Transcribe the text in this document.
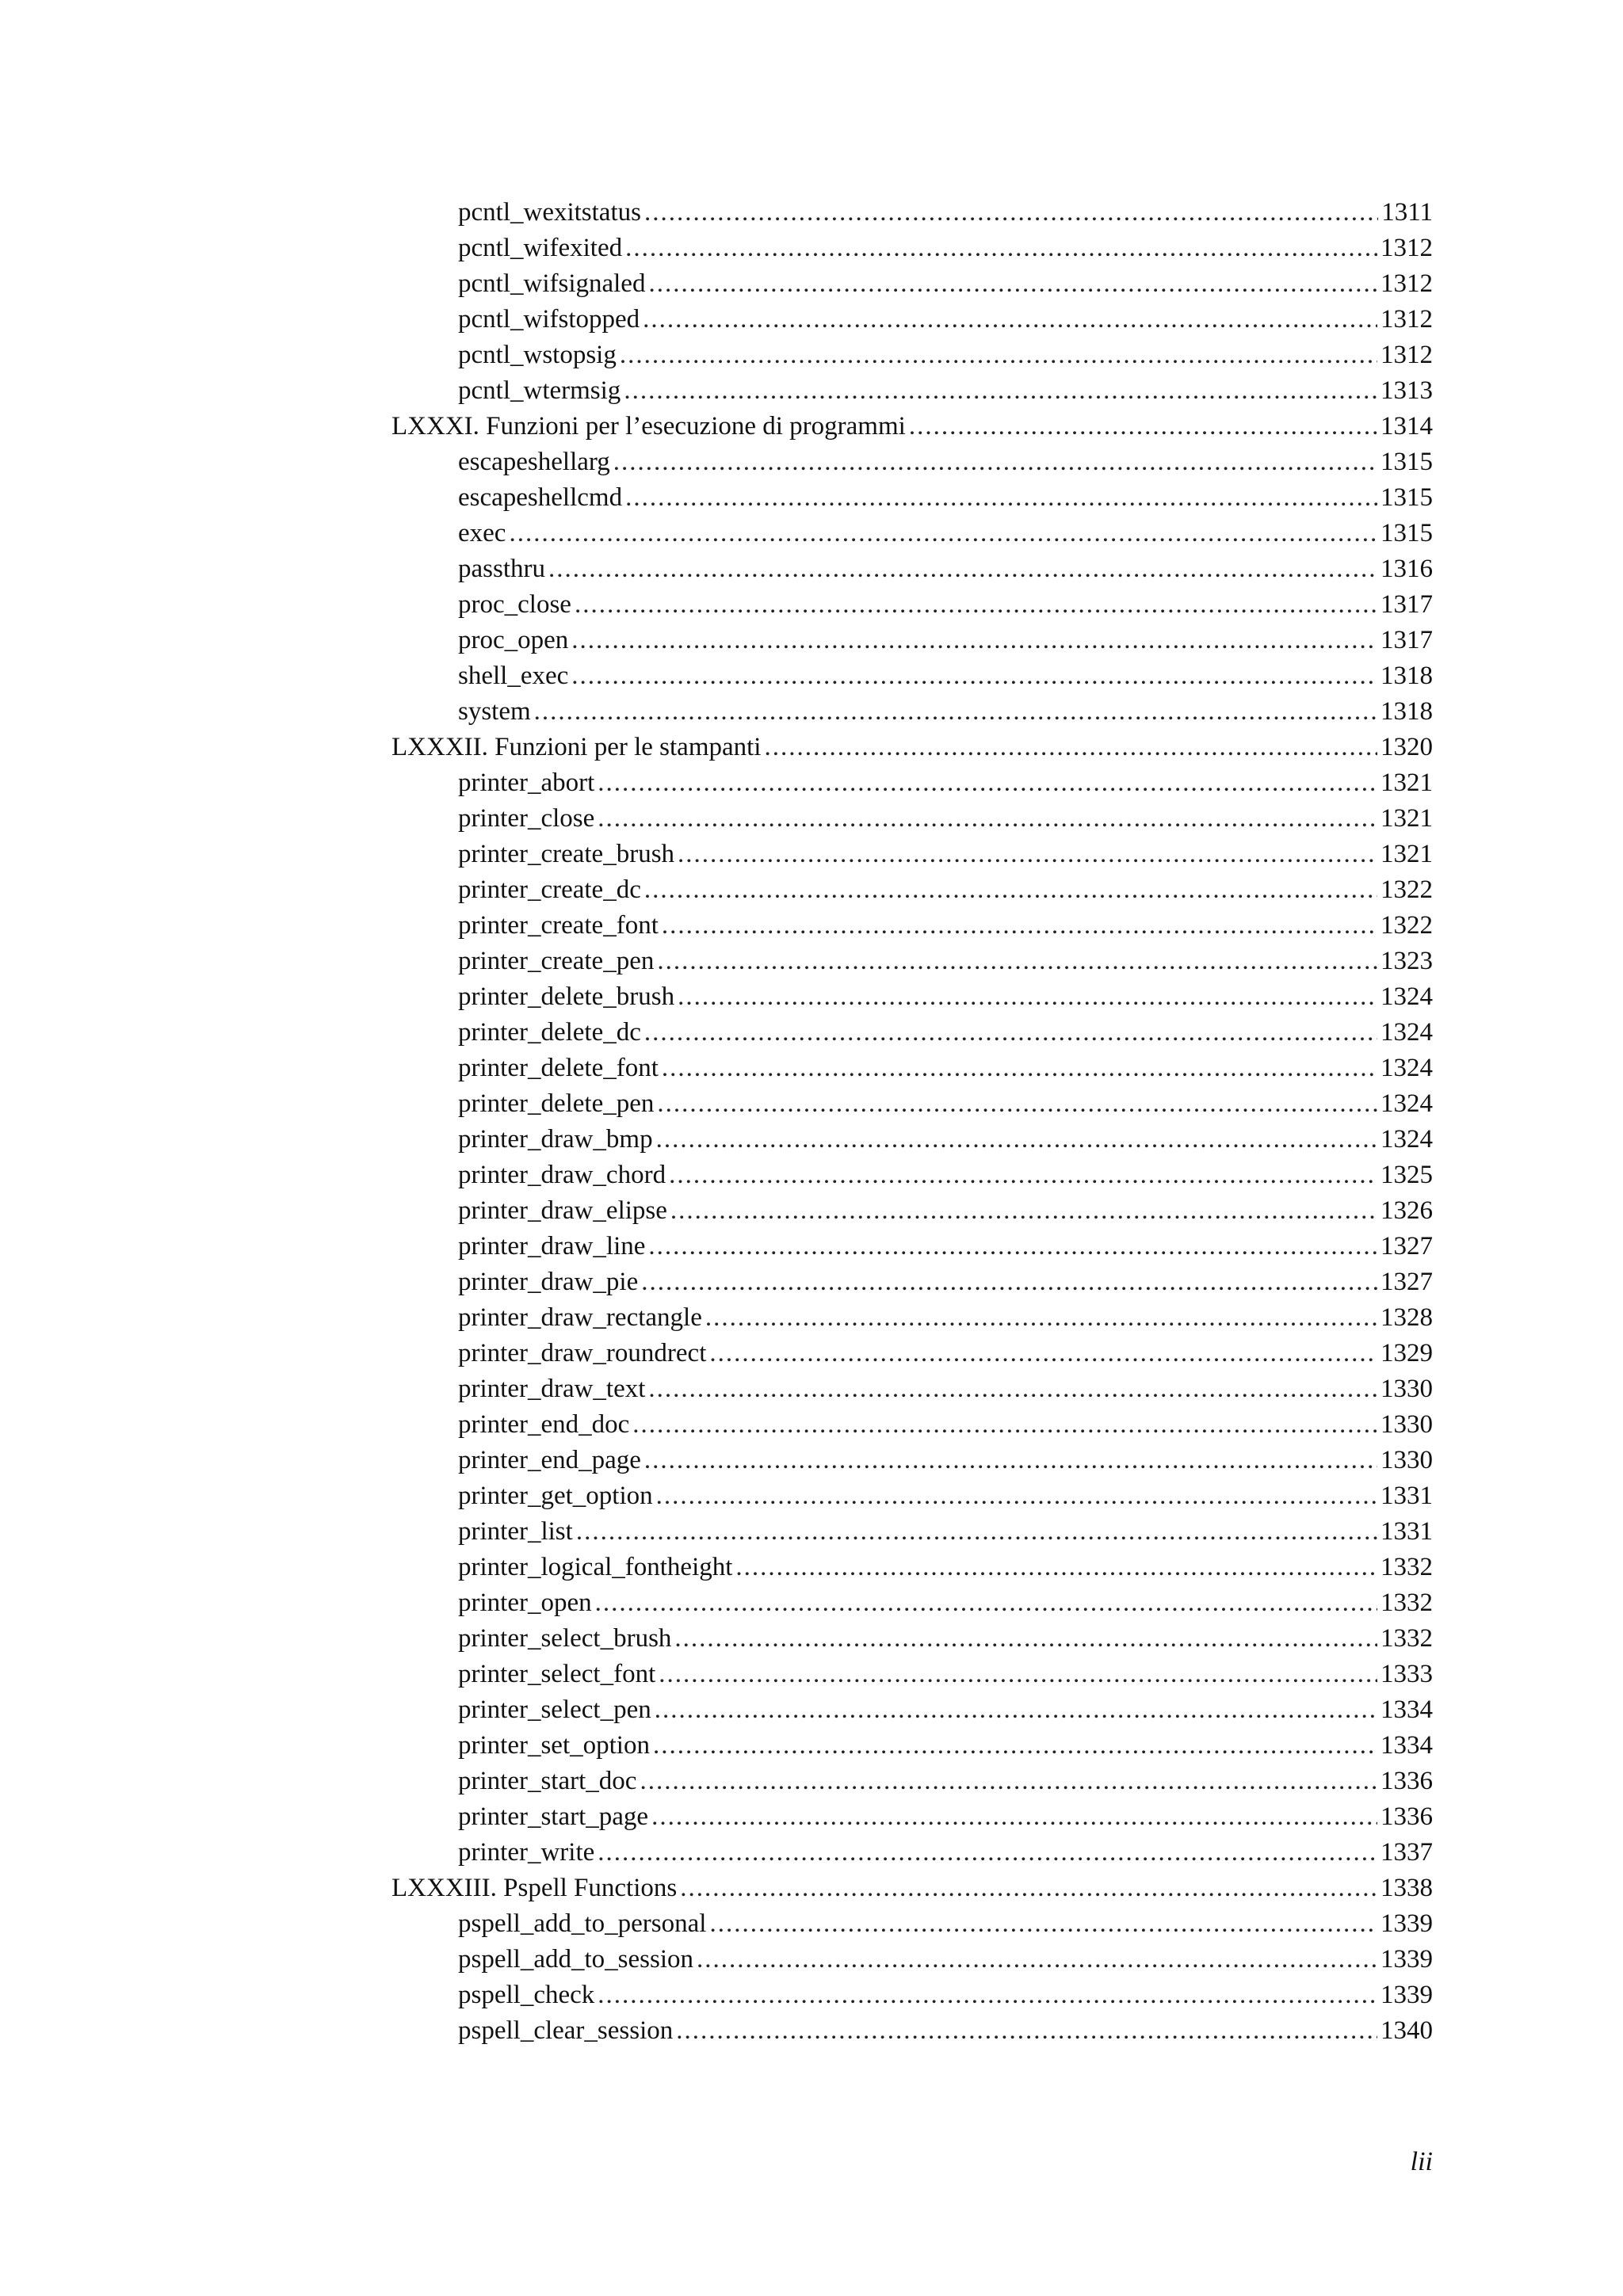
pcntl_wexitstatus .....	1311
pcntl_wifexited .....	1312
pcntl_wifsignaled .....	1312
pcntl_wifstopped .....	1312
pcntl_wstopsig .....	1312
pcntl_wtermsig .....	1313
LXXXI. Funzioni per l’esecuzione di programmi .....	1314
escapeshellarg .....	1315
escapeshellcmd .....	1315
exec .....	1315
passthru .....	1316
proc_close .....	1317
proc_open .....	1317
shell_exec .....	1318
system .....	1318
LXXXII. Funzioni per le stampanti .....	1320
printer_abort .....	1321
printer_close .....	1321
printer_create_brush .....	1321
printer_create_dc .....	1322
printer_create_font .....	1322
printer_create_pen .....	1323
printer_delete_brush .....	1324
printer_delete_dc .....	1324
printer_delete_font .....	1324
printer_delete_pen .....	1324
printer_draw_bmp .....	1324
printer_draw_chord .....	1325
printer_draw_elipse .....	1326
printer_draw_line .....	1327
printer_draw_pie .....	1327
printer_draw_rectangle .....	1328
printer_draw_roundrect .....	1329
printer_draw_text .....	1330
printer_end_doc .....	1330
printer_end_page .....	1330
printer_get_option .....	1331
printer_list .....	1331
printer_logical_fontheight .....	1332
printer_open .....	1332
printer_select_brush .....	1332
printer_select_font .....	1333
printer_select_pen .....	1334
printer_set_option .....	1334
printer_start_doc .....	1336
printer_start_page .....	1336
printer_write .....	1337
LXXXIII. Pspell Functions .....	1338
pspell_add_to_personal .....	1339
pspell_add_to_session .....	1339
pspell_check .....	1339
pspell_clear_session .....	1340
lii
